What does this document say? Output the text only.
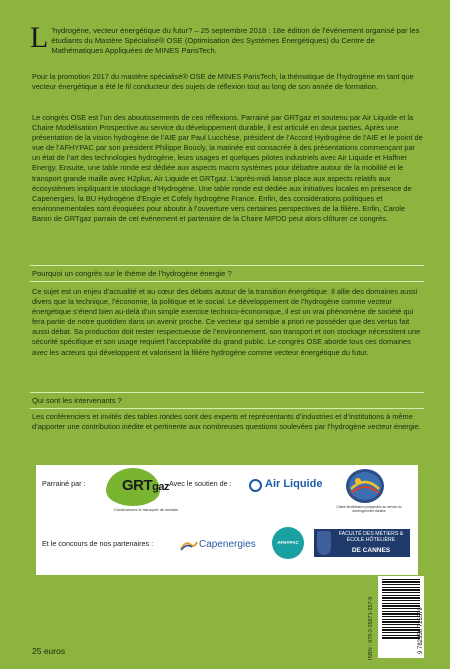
L ’hydrogène, vecteur énergétique du futur? – 25 septembre 2018 : 18e édition de l’événement organisé par les étudiants du Mastère Spécialisé® OSE (Optimisation des Systèmes Énergétiques) du Centre de Mathématiques Appliquées de MINES ParisTech.

Pour la promotion 2017 du mastère spécialisé® OSE de MINES ParisTech, la thématique de l’hydrogène en tant que vecteur énergétique a été le fil conducteur des sujets de réflexion tout au long de son année de formation.

Le congrès OSE est l’un des aboutissements de ces réflexions. Parrainé par GRTgaz et soutenu par Air Liquide et la Chaire Modélisation Prospective au service du développement durable, il est articulé en deux parties. Après une présentation de la vision hydrogène de l’AIE par Paul Lucchèse, président de l’Accord Hydrogène de l’AIE et le point de vue de l’AFHYPAC par son président Philippe Boucly, la matinée est consacrée à des présentations commençant par un état de l’art des technologies hydrogène, leurs usages et quelques pilotes industriels avec Air Liquide et Haffner Energy. Ensuite, une table ronde est dédiée aux aspects macro systèmes pour débattre autour de la mobilité et le transport grande maille avec H2plus, Air Liquide et GRTgaz. L’après-midi laisse place aux aspects relatifs aux écosystèmes impliquant le stockage d’Hydrogène. Une table ronde est dédiée aux initiatives locales en présence de Capenergies, la BU Hydrogène d’Engie et Cofely hydrogène France. Enfin, des considérations politiques et environnementales sont évoquées pour aboutir à l’ouverture vers certaines perspectives de la filière. Enfin, Carole Baron de GRTgaz parrain de cet événement et partenaire de la Chaire MPDD peut alors clôturer ce congrès.

Pourquoi un congrès sur le thème de l’hydrogène énergie ?

Ce sujet est un enjeu d’actualité et au cœur des débats autour de la transition énergétique. Il allie des domaines aussi divers que la technique, l’économie, la politique et le social. Le développement de l’hydrogène comme vecteur énergétique s’étend bien au-delà d’un simple exercice technico-économique, il est un vrai phénomène de société qui fera partie de notre quotidien dans un avenir proche. Ce vecteur qui semble a priori ne posséder que des vertus fait aussi débat. Sa production doit rester respectueuse de l’environnement, son transport et son stockage nécessitent une sécurité spécifique et son usage requiert l’acceptabilité du grand public. Le congrès OSE aborde tous ces domaines avec les acteurs qui développent et valorisent la filière hydrogène comme vecteur énergétique du futur.

Qui sont les intervenants ?

Les conférenciers et invités des tables rondes sont des experts et représentants d’industries et d’institutions à même d’apporter une contribution inédite et pertinente aux nombreuses questions soulevées par l’hydrogène vecteur énergie.

Parrainé par : GRTgaz
Construisons le transport de demain
Avec le soutien de :	Air Liquide
Chaire Modélisation prospective au service du développement durable
Et le concours de nos partenaires :	Capenergies	AFHYPAC
FACULTÉ DES MÉTIERS & ÉCOLE HÔTELIÈRE
DE CANNES
ISBN : 978-2-35671-557-9	9 782356 715579
25 euros
